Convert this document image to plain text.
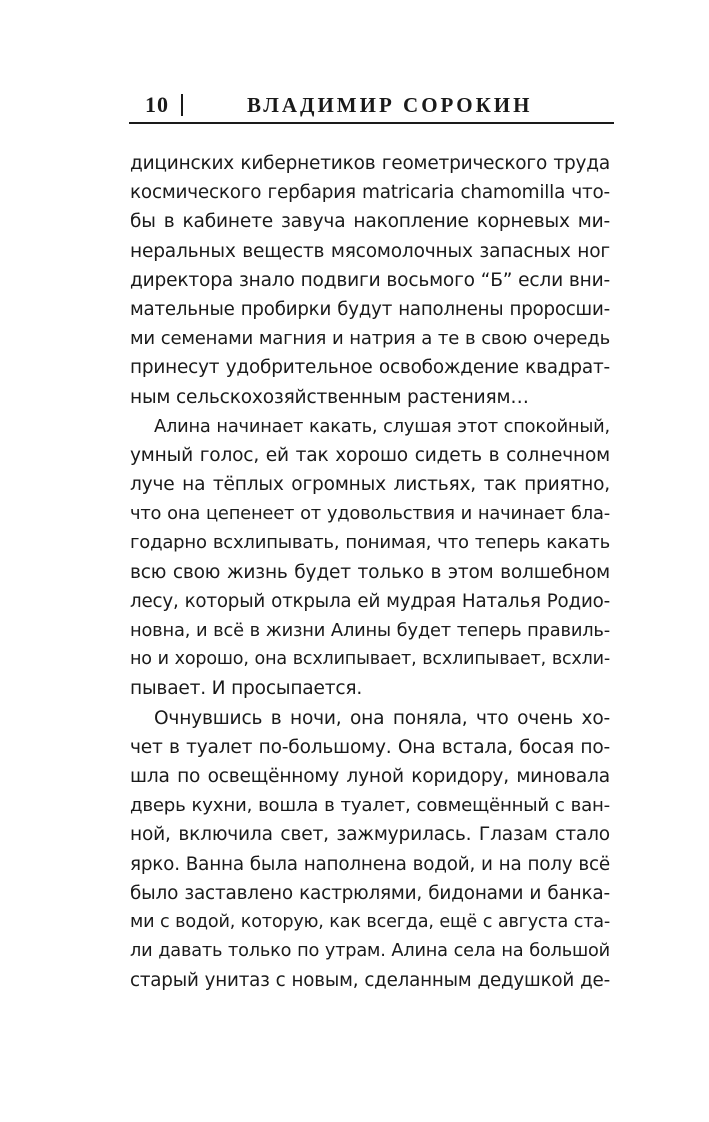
10	ВЛАДИМИР СОРОКИН
дицинских кибернетиков геометрического труда
космического гербария matricaria chamomilla что-
бы в кабинете завуча накопление корневых ми-
неральных веществ мясомолочных запасных ног
директора знало подвиги восьмого “Б” если вни-
мательные пробирки будут наполнены проросши-
ми семенами магния и натрия а те в свою очередь
принесут удобрительное освобождение квадрат-
ным сельскохозяйственным растениям…
Алина начинает какать, слушая этот спокойный,
умный голос, ей так хорошо сидеть в солнечном
луче на тёплых огромных листьях, так приятно,
что она цепенеет от удовольствия и начинает бла-
годарно всхлипывать, понимая, что теперь какать
всю свою жизнь будет только в этом волшебном
лесу, который открыла ей мудрая Наталья Родио-
новна, и всё в жизни Алины будет теперь правиль-
но и хорошо, она всхлипывает, всхлипывает, всхли-
пывает. И просыпается.
Очнувшись в ночи, она поняла, что очень хо-
чет в туалет по-большому. Она встала, босая по-
шла по освещённому луной коридору, миновала
дверь кухни, вошла в туалет, совмещённый с ван-
ной, включила свет, зажмурилась. Глазам стало
ярко. Ванна была наполнена водой, и на полу всё
было заставлено кастрюлями, бидонами и банка-
ми с водой, которую, как всегда, ещё с августа ста-
ли давать только по утрам. Алина села на большой
старый унитаз с новым, сделанным дедушкой де-
